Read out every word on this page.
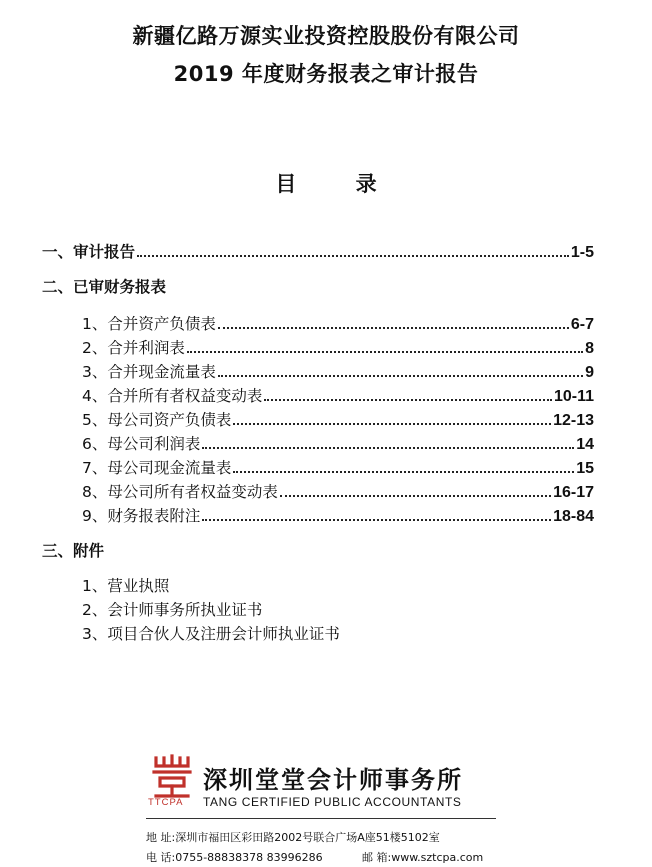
新疆亿路万源实业投资控股股份有限公司
2019 年度财务报表之审计报告
目 录
一、审计报告	1-5
二、已审财务报表
1、合并资产负债表	6-7
2、合并利润表	8
3、合并现金流量表	9
4、合并所有者权益变动表	10-11
5、母公司资产负债表	12-13
6、母公司利润表	14
7、母公司现金流量表	15
8、母公司所有者权益变动表	16-17
9、财务报表附注	18-84
三、附件
1、营业执照
2、会计师事务所执业证书
3、项目合伙人及注册会计师执业证书
TTCPA
深圳堂堂会计师事务所
TANG CERTIFIED PUBLIC ACCOUNTANTS
地 址:深圳市福田区彩田路2002号联合广场A座51楼5102室
电 话:0755-88838378 83996286	邮 箱:www.sztcpa.com
